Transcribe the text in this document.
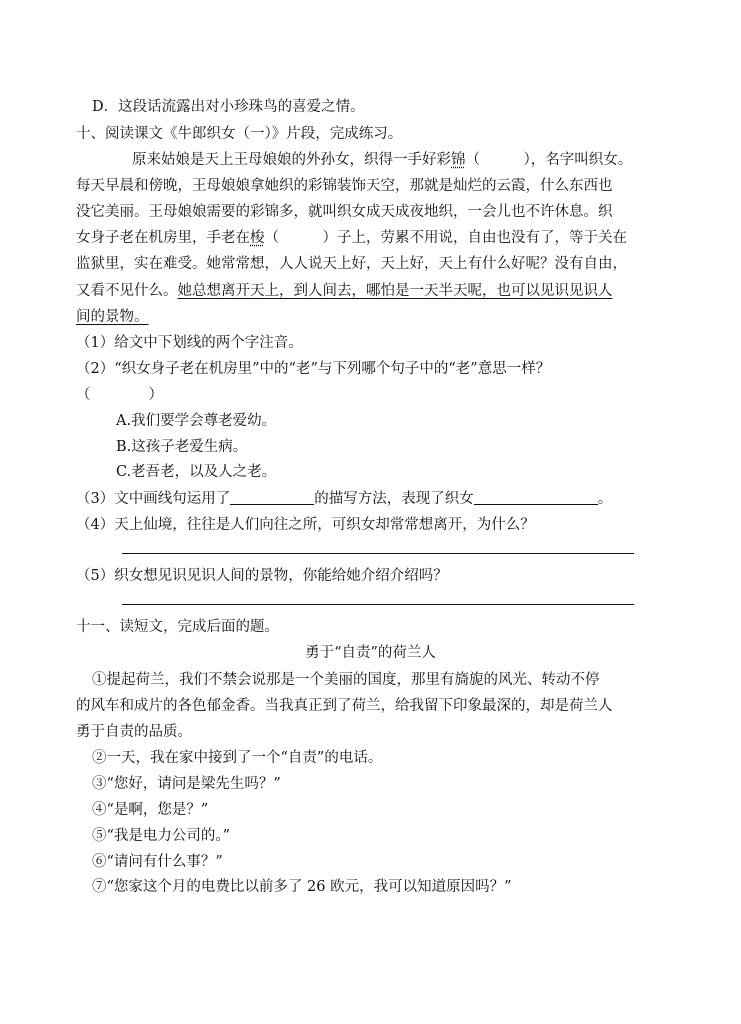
D．这段话流露出对小珍珠鸟的喜爱之情。
十、阅读课文《牛郎织女（一）》片段，完成练习。
原来姑娘是天上王母娘娘的外孙女，织得一手好彩锦（　　　），名字叫织女。
每天早晨和傍晚，王母娘娘拿她织的彩锦装饰天空，那就是灿烂的云霞，什么东西也
没它美丽。王母娘娘需要的彩锦多，就叫织女成天成夜地织，一会儿也不许休息。织
女身子老在机房里，手老在梭（　　　）子上，劳累不用说，自由也没有了，等于关在
监狱里，实在难受。她常常想，人人说天上好，天上好，天上有什么好呢？没有自由，
又看不见什么。她总想离开天上，到人间去，哪怕是一天半天呢，也可以见识见识人
间的景物。
（1）给文中下划线的两个字注音。
（2）“织女身子老在机房里”中的“老”与下列哪个句子中的“老”意思一样？
（　　　　）
A.我们要学会尊老爱幼。
B.这孩子老爱生病。
C.老吾老，以及人之老。
（3）文中画线句运用了	的描写方法，表现了织女	。
（4）天上仙境，往往是人们向往之所，可织女却常常想离开，为什么？
（5）织女想见识见识人间的景物，你能给她介绍介绍吗？
十一、读短文，完成后面的题。
勇于“自责”的荷兰人
①提起荷兰，我们不禁会说那是一个美丽的国度，那里有旖旎的风光、转动不停
的风车和成片的各色郁金香。当我真正到了荷兰，给我留下印象最深的，却是荷兰人
勇于自责的品质。
②一天，我在家中接到了一个“自责”的电话。
③“您好，请问是梁先生吗？”
④“是啊，您是？”
⑤“我是电力公司的。”
⑥“请问有什么事？”
⑦“您家这个月的电费比以前多了 26 欧元，我可以知道原因吗？”
